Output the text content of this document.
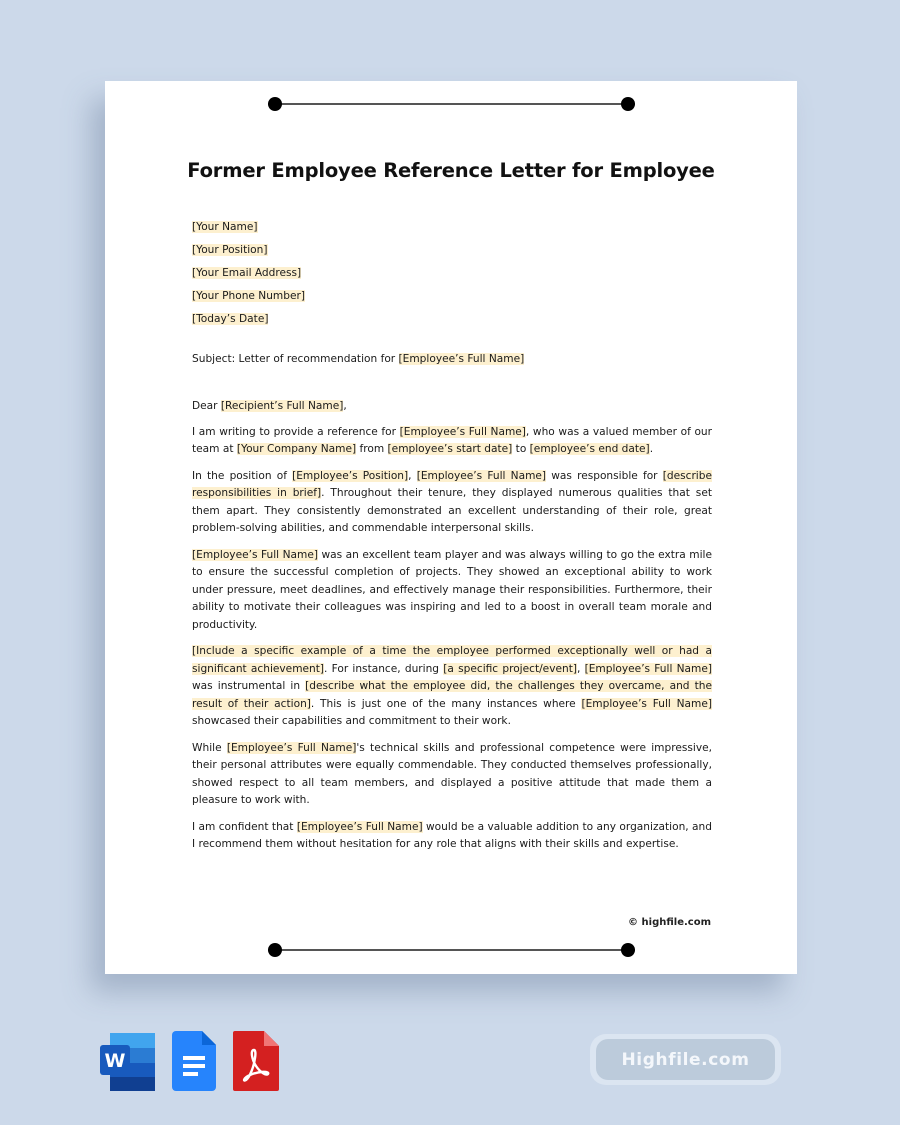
Former Employee Reference Letter for Employee
[Your Name]
[Your Position]
[Your Email Address]
[Your Phone Number]
[Today’s Date]
Subject: Letter of recommendation for [Employee’s Full Name]
Dear [Recipient’s Full Name],

I am writing to provide a reference for [Employee’s Full Name], who was a valued member of our team at [Your Company Name] from [employee’s start date] to [employee’s end date].

In the position of [Employee’s Position], [Employee’s Full Name] was responsible for [describe responsibilities in brief]. Throughout their tenure, they displayed numerous qualities that set them apart. They consistently demonstrated an excellent understanding of their role, great problem-solving abilities, and commendable interpersonal skills.

[Employee’s Full Name] was an excellent team player and was always willing to go the extra mile to ensure the successful completion of projects. They showed an exceptional ability to work under pressure, meet deadlines, and effectively manage their responsibilities. Furthermore, their ability to motivate their colleagues was inspiring and led to a boost in overall team morale and productivity.

[Include a specific example of a time the employee performed exceptionally well or had a significant achievement]. For instance, during [a specific project/event], [Employee’s Full Name] was instrumental in [describe what the employee did, the challenges they overcame, and the result of their action]. This is just one of the many instances where [Employee’s Full Name] showcased their capabilities and commitment to their work.

While [Employee’s Full Name]'s technical skills and professional competence were impressive, their personal attributes were equally commendable. They conducted themselves professionally, showed respect to all team members, and displayed a positive attitude that made them a pleasure to work with.

I am confident that [Employee’s Full Name] would be a valuable addition to any organization, and I recommend them without hesitation for any role that aligns with their skills and expertise.

© highfile.com
W	Highfile.com
